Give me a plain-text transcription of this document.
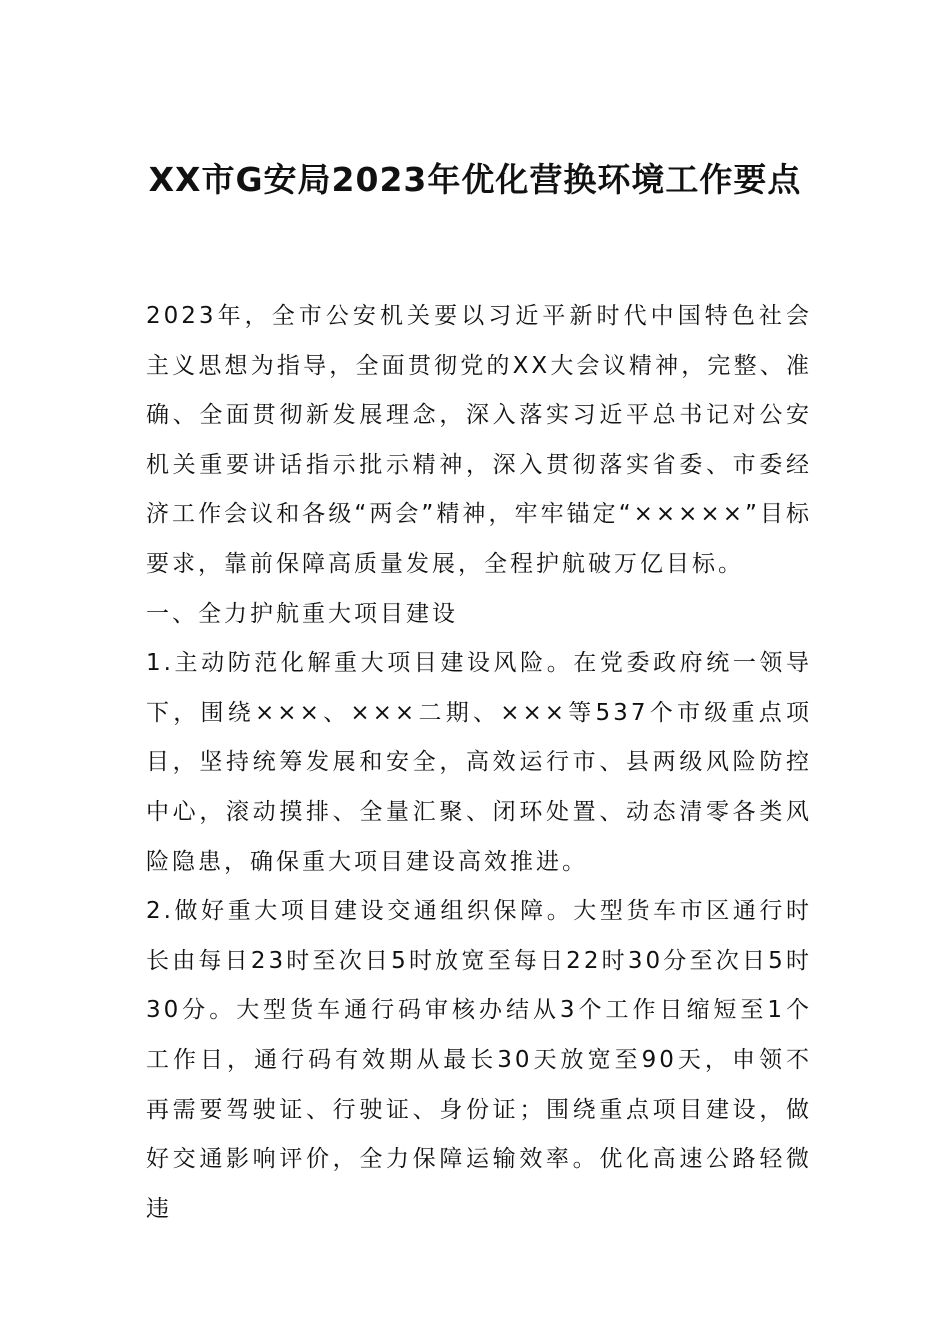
XX市G安局2023年优化营换环境工作要点

2023年，全市公安机关要以习近平新时代中国特色社会主义思想为指导，全面贯彻党的XX大会议精神，完整、准确、全面贯彻新发展理念，深入落实习近平总书记对公安机关重要讲话指示批示精神，深入贯彻落实省委、市委经济工作会议和各级“两会”精神，牢牢锚定“×××××”目标要求，靠前保障高质量发展，全程护航破万亿目标。

一、全力护航重大项目建设

1.主动防范化解重大项目建设风险。在党委政府统一领导下，围绕×××、×××二期、×××等537个市级重点项目，坚持统筹发展和安全，高效运行市、县两级风险防控中心，滚动摸排、全量汇聚、闭环处置、动态清零各类风险隐患，确保重大项目建设高效推进。

2.做好重大项目建设交通组织保障。大型货车市区通行时长由每日23时至次日5时放宽至每日22时30分至次日5时30分。大型货车通行码审核办结从3个工作日缩短至1个工作日，通行码有效期从最长30天放宽至90天，申领不再需要驾驶证、行驶证、身份证；围绕重点项目建设，做好交通影响评价，全力保障运输效率。优化高速公路轻微违
